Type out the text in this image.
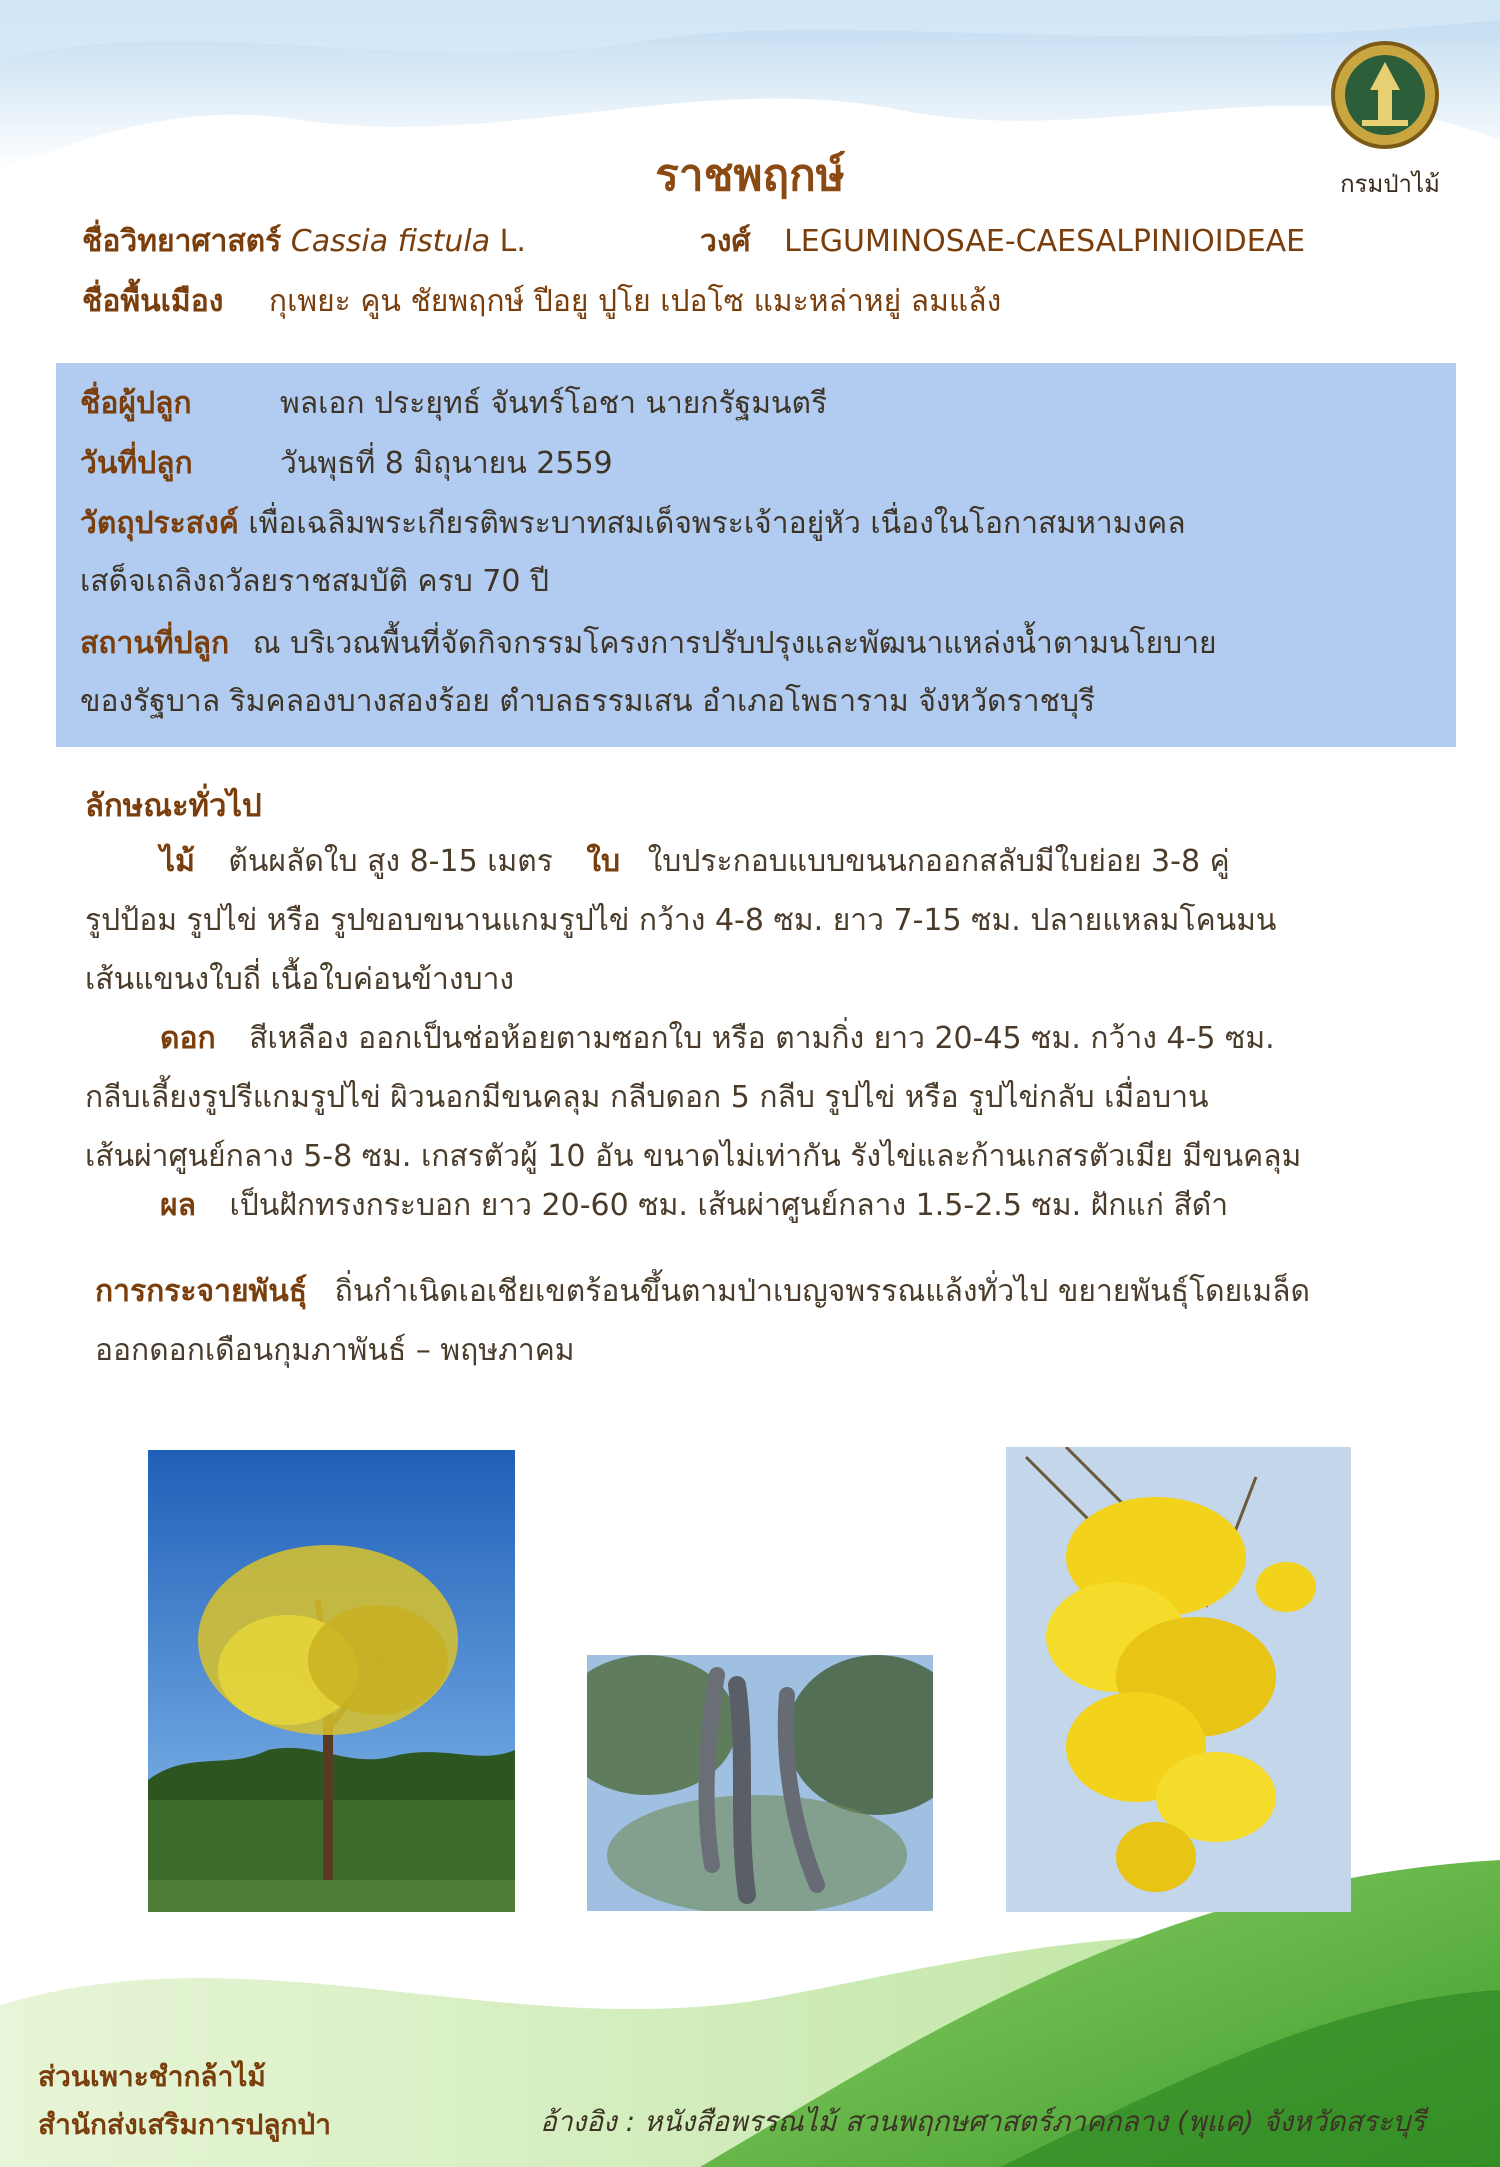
กรมป่าไม้
ราชพฤกษ์
ชื่อวิทยาศาสตร์ Cassia fistula L.	วงศ์ LEGUMINOSAE-CAESALPINIOIDEAE
ชื่อพื้นเมือง กุเพยะ คูน ชัยพฤกษ์ ปีอยู ปูโย เปอโซ แมะหล่าหยู่ ลมแล้ง
ชื่อผู้ปลูก	พลเอก ประยุทธ์ จันทร์โอชา นายกรัฐมนตรี
วันที่ปลูก	วันพุธที่ 8 มิถุนายน 2559
วัตถุประสงค์ เพื่อเฉลิมพระเกียรติพระบาทสมเด็จพระเจ้าอยู่หัว เนื่องในโอกาสมหามงคล
เสด็จเถลิงถวัลยราชสมบัติ ครบ 70 ปี
สถานที่ปลูก ณ บริเวณพื้นที่จัดกิจกรรมโครงการปรับปรุงและพัฒนาแหล่งน้ำตามนโยบาย
ของรัฐบาล ริมคลองบางสองร้อย ตำบลธรรมเสน อำเภอโพธาราม จังหวัดราชบุรี
ลักษณะทั่วไป
ไม้ ต้นผลัดใบ สูง 8-15 เมตร ใบ ใบประกอบแบบขนนกออกสลับมีใบย่อย 3-8 คู่
รูปป้อม รูปไข่ หรือ รูปขอบขนานแกมรูปไข่ กว้าง 4-8 ซม. ยาว 7-15 ซม. ปลายแหลมโคนมน
เส้นแขนงใบถี่ เนื้อใบค่อนข้างบาง
ดอก สีเหลือง ออกเป็นช่อห้อยตามซอกใบ หรือ ตามกิ่ง ยาว 20-45 ซม. กว้าง 4-5 ซม.
กลีบเลี้ยงรูปรีแกมรูปไข่ ผิวนอกมีขนคลุม กลีบดอก 5 กลีบ รูปไข่ หรือ รูปไข่กลับ เมื่อบาน
เส้นผ่าศูนย์กลาง 5-8 ซม. เกสรตัวผู้ 10 อัน ขนาดไม่เท่ากัน รังไข่และก้านเกสรตัวเมีย มีขนคลุม
ผล เป็นฝักทรงกระบอก ยาว 20-60 ซม. เส้นผ่าศูนย์กลาง 1.5-2.5 ซม. ฝักแก่ สีดำ
การกระจายพันธุ์ ถิ่นกำเนิดเอเชียเขตร้อนขึ้นตามป่าเบญจพรรณแล้งทั่วไป ขยายพันธุ์โดยเมล็ด
ออกดอกเดือนกุมภาพันธ์ – พฤษภาคม
ส่วนเพาะชำกล้าไม้
สำนักส่งเสริมการปลูกป่า	อ้างอิง : หนังสือพรรณไม้ สวนพฤกษศาสตร์ภาคกลาง (พุแค) จังหวัดสระบุรี
